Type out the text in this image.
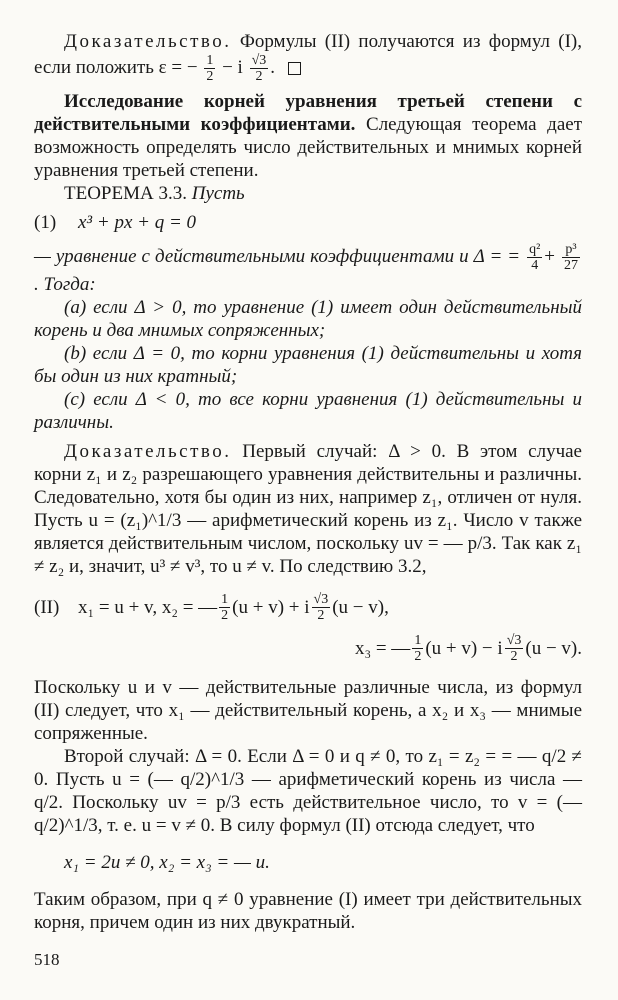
Доказательство. Формулы (II) получаются из формул (I), если положить ε = − $\frac{1}{2} - i \frac{√3}{2}$ .

Исследование корней уравнения третьей степени с действительными коэффициентами. Следующая теорема дает возможность определять число действительных и мнимых корней уравнения третьей степени.

ТЕОРЕМА 3.3. Пусть

(1)	x³ + px + q = 0

— уравнение с действительными коэффициентами и Δ = = $\frac{\text{q²}}{4} + \frac{\text{p³}}{27}$
. Тогда:

(a) если Δ > 0, то уравнение (1) имеет один действительный корень и два мнимых сопряженных;

(b) если Δ = 0, то корни уравнения (1) действительны и хотя бы один из них кратный;

(c) если Δ < 0, то все корни уравнения (1) действительны и различны.

Доказательство. Первый случай: Δ > 0. В этом случае корни z₁ и z₂ разрешающего уравнения действительны и различны. Следовательно, хотя бы один из них, например z₁, отличен от нуля. Пусть u = (z₁)^1/3 — арифметический корень из z₁. Число v также является действительным числом, поскольку uv = — p/3. Так как z₁ ≠ z₂ и, значит, u³ ≠ v³, то u ≠ v. По следствию 3.2,

(II) x₁ = u + v, x₂ = — $\frac{1}{2} (u + v) + i \frac{√3}{2} (u - v)$,
x₃ = — $\frac{1}{2} (u + v) - i \frac{√3}{2} (u - v)$.

Поскольку u и v — действительные различные числа, из формул (II) следует, что x₁ — действительный корень, а x₂ и x₃ — мнимые сопряженные.

Второй случай: Δ = 0. Если Δ = 0 и q ≠ 0, то z₁ = z₂ = = — q/2 ≠ 0. Пусть u = (— q/2)^1/3 — арифметический корень из числа — q/2. Поскольку uv = p/3 есть действительное число, то v = (— q/2)^1/3, т. е. u = v ≠ 0. В силу формул (II) отсюда следует, что

x₁ = 2u ≠ 0, x₂ = x₃ = — u.

Таким образом, при q ≠ 0 уравнение (I) имеет три действительных корня, причем один из них двукратный.

518
